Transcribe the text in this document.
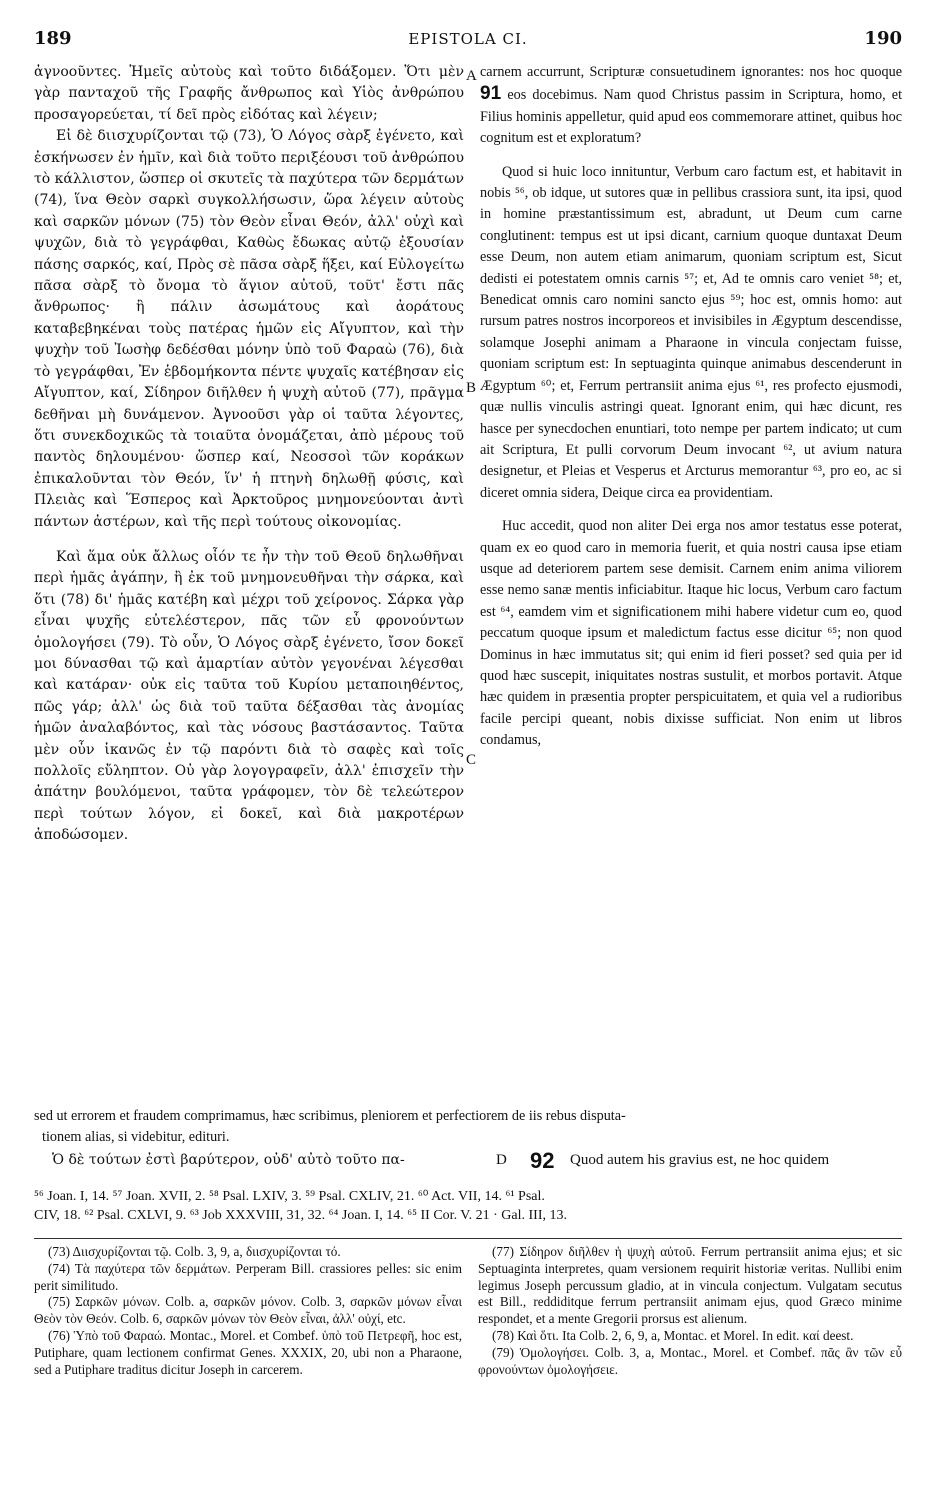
189	EPISTOLA CI.	190

ἀγνοοῦντες. Ἡμεῖς αὐτοὺς καὶ τοῦτο διδάξομεν. Ὅτι μὲν γὰρ πανταχοῦ τῆς Γραφῆς ἄνθρωπος καὶ Υἱὸς ἀνθρώπου προσαγορεύεται, τί δεῖ πρὸς εἰδότας καὶ λέγειν;

Εἰ δὲ διισχυρίζονται τῷ (73), Ὁ Λόγος σὰρξ ἐγένετο, καὶ ἐσκήνωσεν ἐν ἡμῖν, καὶ διὰ τοῦτο περιξέουσι τοῦ ἀνθρώπου τὸ κάλλιστον, ὥσπερ οἱ σκυτεῖς τὰ παχύτερα τῶν δερμάτων (74), ἵνα Θεὸν σαρκὶ συγκολλήσωσιν, ὥρα λέγειν αὐτοὺς καὶ σαρκῶν μόνων (75) τὸν Θεὸν εἶναι Θεόν, ἀλλ' οὐχὶ καὶ ψυχῶν, διὰ τὸ γεγράφθαι, Καθὼς ἔδωκας αὐτῷ ἐξουσίαν πάσης σαρκός, καί, Πρὸς σὲ πᾶσα σὰρξ ἥξει, καί Εὐλογείτω πᾶσα σὰρξ τὸ ὄνομα τὸ ἅγιον αὐτοῦ, τοῦτ' ἔστι πᾶς ἄνθρωπος· ἢ πάλιν ἀσωμάτους καὶ ἀοράτους καταβεβηκέναι τοὺς πατέρας ἡμῶν εἰς Αἴγυπτον, καὶ τὴν ψυχὴν τοῦ Ἰωσὴφ δεδέσθαι μόνην ὑπὸ τοῦ Φαραὼ (76), διὰ τὸ γεγράφθαι, Ἐν ἑβδομήκοντα πέντε ψυχαῖς κατέβησαν εἰς Αἴγυπτον, καί, Σίδηρον διῆλθεν ἡ ψυχὴ αὐτοῦ (77), πρᾶγμα δεθῆναι μὴ δυνάμενον. Ἀγνοοῦσι γὰρ οἱ ταῦτα λέγοντες, ὅτι συνεκδοχικῶς τὰ τοιαῦτα ὀνομάζεται, ἀπὸ μέρους τοῦ παντὸς δηλουμένου· ὥσπερ καί, Νεοσσοὶ τῶν κοράκων ἐπικαλοῦνται τὸν Θεόν, ἵν' ἡ πτηνὴ δηλωθῇ φύσις, καὶ Πλειὰς καὶ Ἕσπερος καὶ Ἀρκτοῦρος μνημονεύονται ἀντὶ πάντων ἀστέρων, καὶ τῆς περὶ τούτους οἰκονομίας.

Καὶ ἅμα οὐκ ἄλλως οἷόν τε ἦν τὴν τοῦ Θεοῦ δηλωθῆναι περὶ ἡμᾶς ἀγάπην, ἢ ἐκ τοῦ μνημονευθῆναι τὴν σάρκα, καὶ ὅτι (78) δι' ἡμᾶς κατέβη καὶ μέχρι τοῦ χείρονος. Σάρκα γὰρ εἶναι ψυχῆς εὐτελέστερον, πᾶς τῶν εὖ φρονούντων ὁμολογήσει (79). Τὸ οὖν, Ὁ Λόγος σὰρξ ἐγένετο, ἴσον δοκεῖ μοι δύνασθαι τῷ καὶ ἁμαρτίαν αὐτὸν γεγονέναι λέγεσθαι καὶ κατάραν· οὐκ εἰς ταῦτα τοῦ Κυρίου μεταποιηθέντος, πῶς γάρ; ἀλλ' ὡς διὰ τοῦ ταῦτα δέξασθαι τὰς ἀνομίας ἡμῶν ἀναλαβόντος, καὶ τὰς νόσους βαστάσαντος. Ταῦτα μὲν οὖν ἱκανῶς ἐν τῷ παρόντι διὰ τὸ σαφὲς καὶ τοῖς πολλοῖς εὔληπτον. Οὐ γὰρ λογογραφεῖν, ἀλλ' ἐπισχεῖν τὴν ἀπάτην βουλόμενοι, ταῦτα γράφομεν, τὸν δὲ τελεώτερον περὶ τούτων λόγον, εἰ δοκεῖ, καὶ διὰ μακροτέρων ἀποδώσομεν.

carnem accurrunt, Scripturæ consuetudinem ignorantes: nos hoc quoque 91 eos docebimus. Nam quod Christus passim in Scriptura, homo, et Filius hominis appelletur, quid apud eos commemorare attinet, quibus hoc cognitum est et exploratum?

Quod si huic loco innituntur, Verbum caro factum est, et habitavit in nobis ⁵⁶, ob idque, ut sutores quæ in pellibus crassiora sunt, ita ipsi, quod in homine præstantissimum est, abradunt, ut Deum cum carne conglutinent: tempus est ut ipsi dicant, carnium quoque duntaxat Deum esse Deum, non autem etiam animarum, quoniam scriptum est, Sicut dedisti ei potestatem omnis carnis ⁵⁷; et, Ad te omnis caro veniet ⁵⁸; et, Benedicat omnis caro nomini sancto ejus ⁵⁹; hoc est, omnis homo: aut rursum patres nostros incorporeos et invisibiles in Ægyptum descendisse, solamque Josephi animam a Pharaone in vincula conjectam fuisse, quoniam scriptum est: In septuaginta quinque animabus descenderunt in Ægyptum ⁶⁰; et, Ferrum pertransiit anima ejus ⁶¹, res profecto ejusmodi, quæ nullis vinculis astringi queat. Ignorant enim, qui hæc dicunt, res hasce per synecdochen enuntiari, toto nempe per partem indicato; ut cum ait Scriptura, Et pulli corvorum Deum invocant ⁶², ut avium natura designetur, et Pleias et Vesperus et Arcturus memorantur ⁶³, pro eo, ac si diceret omnia sidera, Deique circa ea providentiam.

Huc accedit, quod non aliter Dei erga nos amor testatus esse poterat, quam ex eo quod caro in memoria fuerit, et quia nostri causa ipse etiam usque ad deteriorem partem sese demisit. Carnem enim anima viliorem esse nemo sanæ mentis inficiabitur. Itaque hic locus, Verbum caro factum est ⁶⁴, eamdem vim et significationem mihi habere videtur cum eo, quod peccatum quoque ipsum et maledictum factus esse dicitur ⁶⁵; non quod Dominus in hæc immutatus sit; qui enim id fieri posset? sed quia per id quod hæc suscepit, iniquitates nostras sustulit, et morbos portavit. Atque hæc quidem in præsentia propter perspicuitatem, et quia vel a rudioribus facile percipi queant, nobis dixisse sufficiat. Non enim ut libros condamus,

A
B
C
sed ut errorem et fraudem comprimamus, hæc scribimus, pleniorem et perfectiorem de iis rebus disputa-
tionem alias, si videbitur, edituri.
Ὁ δὲ τούτων ἐστὶ βαρύτερον, οὐδ' αὐτὸ τοῦτο πα-	D 92 Quod autem his gravius est, ne hoc quidem
⁵⁶ Joan. I, 14. ⁵⁷ Joan. XVII, 2. ⁵⁸ Psal. LXIV, 3. ⁵⁹ Psal. CXLIV, 21. ⁶⁰ Act. VII, 14. ⁶¹ Psal.
CIV, 18. ⁶² Psal. CXLVI, 9. ⁶³ Job XXXVIII, 31, 32. ⁶⁴ Joan. I, 14. ⁶⁵ II Cor. V. 21 · Gal. III, 13.

(73) Διισχυρίζονται τῷ. Colb. 3, 9, a, διισχυρίζονται τό.

(74) Τὰ παχύτερα τῶν δερμάτων. Perperam Bill. crassiores pelles: sic enim perit similitudo.

(75) Σαρκῶν μόνων. Colb. a, σαρκῶν μόνον. Colb. 3, σαρκῶν μόνων εἶναι Θεὸν τὸν Θεόν. Colb. 6, σαρκῶν μόνων τὸν Θεὸν εἶναι, ἀλλ' οὐχί, etc.

(76) Ὑπὸ τοῦ Φαραώ. Montac., Morel. et Combef. ὑπὸ τοῦ Πετρεφῆ, hoc est, Putiphare, quam lectionem confirmat Genes. XXXIX, 20, ubi non a Pharaone, sed a Putiphare traditus dicitur Joseph in carcerem.

(77) Σίδηρον διῆλθεν ἡ ψυχὴ αὐτοῦ. Ferrum pertransiit anima ejus; et sic Septuaginta interpretes, quam versionem requirit historiæ veritas. Nullibi enim legimus Joseph percussum gladio, at in vincula conjectum. Vulgatam secutus est Bill., reddiditque ferrum pertransiit animam ejus, quod Græco minime respondet, et a mente Gregorii prorsus est alienum.

(78) Καὶ ὅτι. Ita Colb. 2, 6, 9, a, Montac. et Morel. In edit. καί deest.

(79) Ὁμολογήσει. Colb. 3, a, Montac., Morel. et Combef. πᾶς ἂν τῶν εὖ φρονούντων ὁμολογήσειε.
